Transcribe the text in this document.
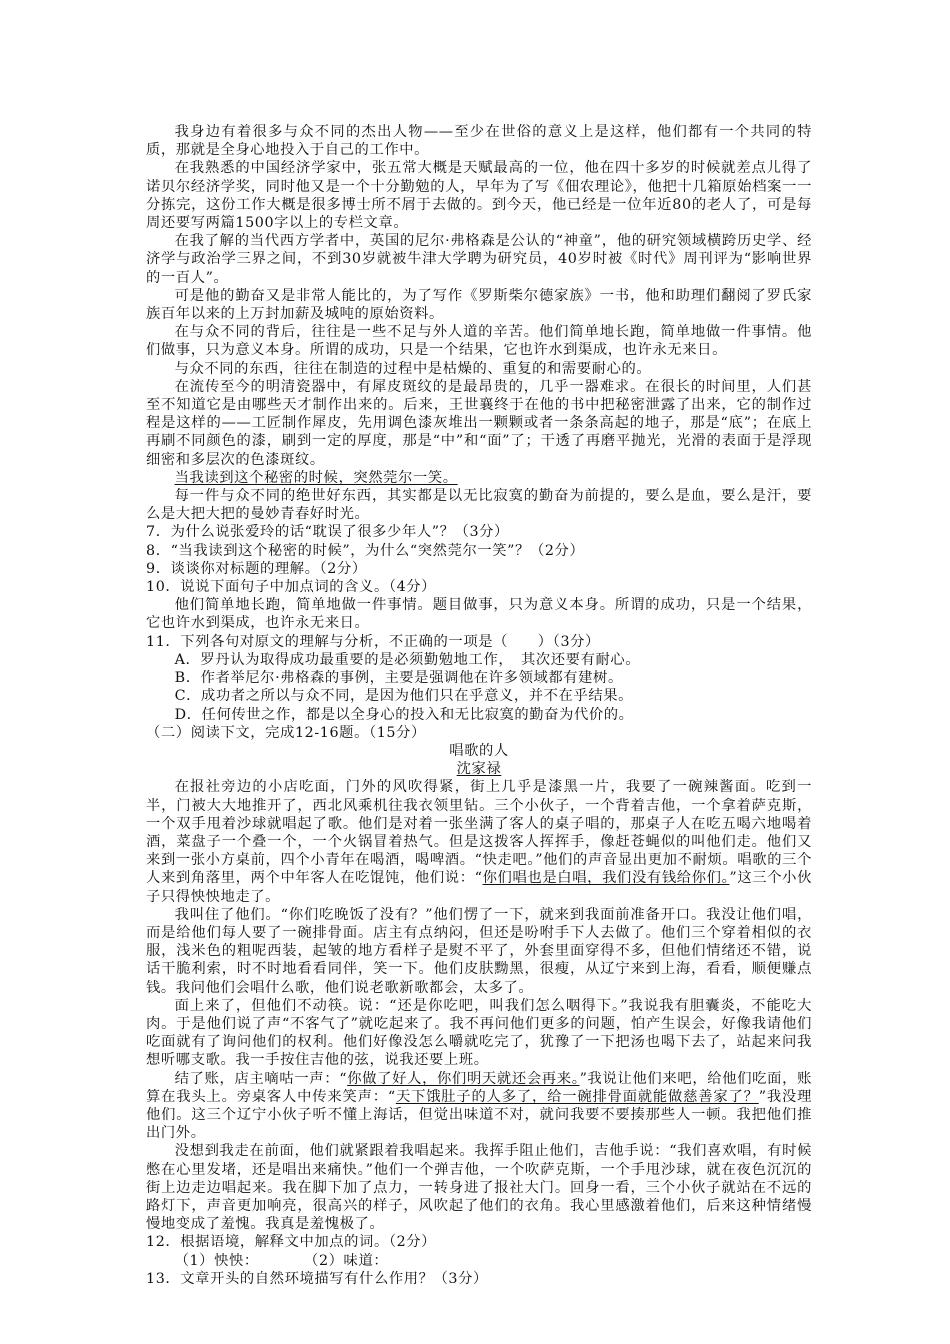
我身边有着很多与众不同的杰出人物——至少在世俗的意义上是这样，他们都有一个共同的特质，那就是全身心地投入于自己的工作中。

在我熟悉的中国经济学家中，张五常大概是天赋最高的一位，他在四十多岁的时候就差点儿得了诺贝尔经济学奖，同时他又是一个十分勤勉的人，早年为了写《佃农理论》，他把十几箱原始档案一一分拣完，这份工作大概是很多博士所不屑于去做的。到今天，他已经是一位年近80的老人了，可是每周还要写两篇1500字以上的专栏文章。

在我了解的当代西方学者中，英国的尼尔·弗格森是公认的“神童”，他的研究领域横跨历史学、经济学与政治学三界之间，不到30岁就被牛津大学聘为研究员，40岁时被《时代》周刊评为“影响世界的一百人”。

可是他的勤奋又是非常人能比的，为了写作《罗斯柴尔德家族》一书，他和助理们翻阅了罗氏家族百年以来的上万封加薪及城吨的原始资料。

在与众不同的背后，往往是一些不足与外人道的辛苦。他们简单地长跑，简单地做一件事情。他们做事，只为意义本身。所谓的成功，只是一个结果，它也许水到渠成，也许永无来日。

与众不同的东西，往往在制造的过程中是枯燥的、重复的和需要耐心的。

在流传至今的明清瓷器中，有犀皮斑纹的是最昂贵的，几乎一器难求。在很长的时间里，人们甚至不知道它是由哪些天才制作出来的。后来，王世襄终于在他的书中把秘密泄露了出来，它的制作过程是这样的——工匠制作犀皮，先用调色漆灰堆出一颗颗或者一条条高起的地子，那是“底”；在底上再刷不同颜色的漆，刷到一定的厚度，那是“中”和“面”了；干透了再磨平抛光，光滑的表面于是浮现细密和多层次的色漆斑纹。

当我读到这个秘密的时候，突然莞尔一笑。

每一件与众不同的绝世好东西，其实都是以无比寂寞的勤奋为前提的，要么是血，要么是汗，要么是大把大把的曼妙青春好时光。

7．为什么说张爱玲的话“耽误了很多少年人”？（3分）

8．“当我读到这个秘密的时候”，为什么“突然莞尔一笑”？（2分）

9．谈谈你对标题的理解。（2分）

10．说说下面句子中加点词的含义。（4分）

他们简单地长跑，简单地做一件事情。题目做事，只为意义本身。所谓的成功，只是一个结果，它也许水到渠成，也许永无来日。

11．下列各句对原文的理解与分析，不正确的一项是（　　）（3分）

A．罗丹认为取得成功最重要的是必须勤勉地工作，　其次还要有耐心。

B．作者举尼尔·弗格森的事例，主要是强调他在许多领域都有建树。

C．成功者之所以与众不同，是因为他们只在乎意义，并不在乎结果。

D．任何传世之作，都是以全身心的投入和无比寂寞的勤奋为代价的。

（二）阅读下文，完成12-16题。（15分）

唱歌的人

沈家禄

在报社旁边的小店吃面，门外的风吹得紧，街上几乎是漆黑一片，我要了一碗辣酱面。吃到一半，门被大大地推开了，西北风乘机往我衣领里钻。三个小伙子，一个背着吉他，一个拿着萨克斯，一个双手甩着沙球就唱起了歌。他们是对着一张坐满了客人的桌子唱的，那桌子人在吃五喝六地喝着酒，菜盘子一个叠一个，一个火锅冒着热气。但是这拨客人挥挥手，像赶苍蝇似的叫他们走。他们又来到一张小方桌前，四个小青年在喝酒，喝啤酒。“快走吧。”他们的声音显出更加不耐烦。唱歌的三个人来到角落里，两个中年客人在吃馄饨，他们说：“你们唱也是白唱，我们没有钱给你们。”这三个小伙子只得怏怏地走了。

我叫住了他们。“你们吃晚饭了没有？”他们愣了一下，就来到我面前准备开口。我没让他们唱，而是给他们每人要了一碗排骨面。店主有点纳闷，但还是吩咐手下人去做了。他们三个穿着相似的衣服，浅米色的粗呢西装，起皱的地方看样子是熨不平了，外套里面穿得不多，但他们情绪还不错，说话干脆利索，时不时地看看同伴，笑一下。他们皮肤黝黑，很瘦，从辽宁来到上海，看看，顺便赚点钱。我问他们会唱什么歌，他们说老歌新歌都会，太多了。

面上来了，但他们不动筷。说：“还是你吃吧，叫我们怎么咽得下。”我说我有胆囊炎，不能吃大肉。于是他们说了声“不客气了”就吃起来了。我不再问他们更多的问题，怕产生误会，好像我请他们吃面就有了询问他们的权利。他们好像没怎么嚼就吃完了，犹豫了一下把汤也喝下去了，站起来问我想听哪支歌。我一手按住吉他的弦，说我还要上班。

结了账，店主嘀咕一声：“你做了好人，你们明天就还会再来。”我说让他们来吧，给他们吃面，账算在我头上。旁桌客人中传来笑声：“天下饿肚子的人多了，给一碗排骨面就能做慈善家了？”我没理他们。这三个辽宁小伙子听不懂上海话，但觉出味道不对，就问我要不要揍那些人一顿。我把他们推出门外。

没想到我走在前面，他们就紧跟着我唱起来。我挥手阻止他们，吉他手说：“我们喜欢唱，有时候憋在心里发堵，还是唱出来痛快。”他们一个弹吉他，一个吹萨克斯，一个手甩沙球，就在夜色沉沉的街上边走边唱起来。我在脚下加了点力，一转身进了报社大门。回身一看，三个小伙子就站在不远的路灯下，声音更加响亮，很高兴的样子，风吹起了他们的衣角。我心里感激着他们，后来这种情绪慢慢地变成了羞愧。我真是羞愧极了。

12．根据语境，解释文中加点的词。（2分）

（1）怏怏：　　　　（2）味道：

13．文章开头的自然环境描写有什么作用？（3分）
